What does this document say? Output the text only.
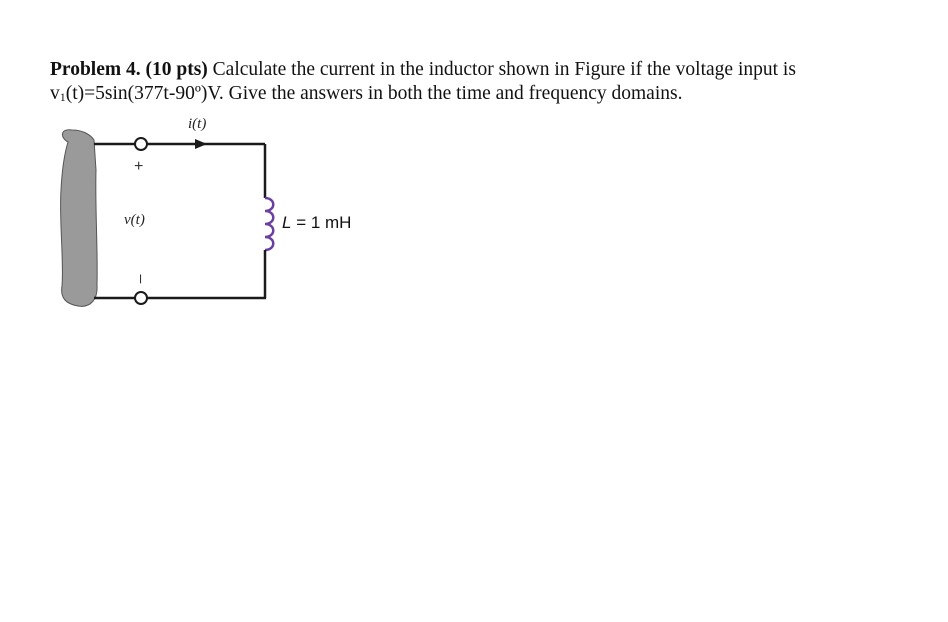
Problem 4. (10 pts) Calculate the current in the inductor shown in Figure if the voltage input is
$v_1(t)=5\sin(377t-90º)V$. Give the answers in both the time and frequency domains.

i(t)
+
v(t)
–
L = 1 mH
